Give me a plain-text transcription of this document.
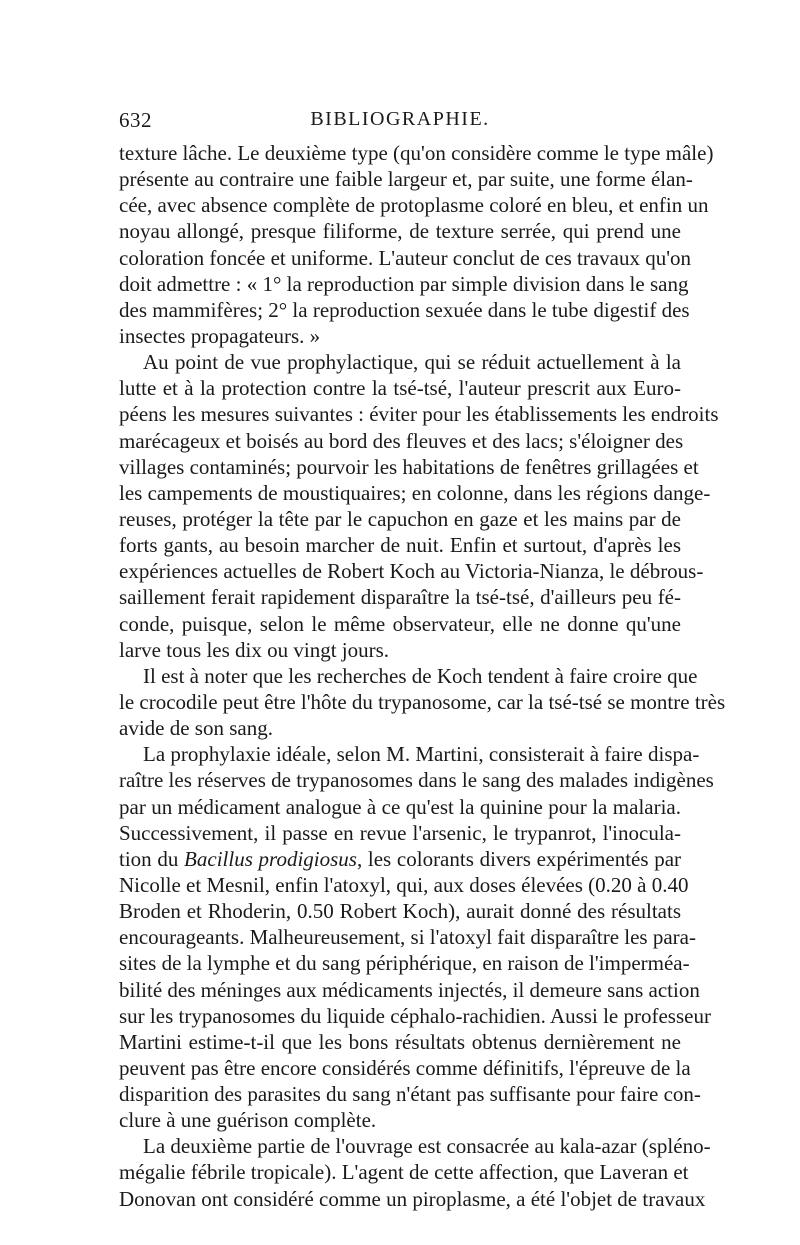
632	BIBLIOGRAPHIE.
texture lâche. Le deuxième type (qu'on considère comme le type mâle)
présente au contraire une faible largeur et, par suite, une forme élan-
cée, avec absence complète de protoplasme coloré en bleu, et enfin un
noyau allongé, presque filiforme, de texture serrée, qui prend une
coloration foncée et uniforme. L'auteur conclut de ces travaux qu'on
doit admettre : « 1° la reproduction par simple division dans le sang
des mammifères; 2° la reproduction sexuée dans le tube digestif des
insectes propagateurs. »
Au point de vue prophylactique, qui se réduit actuellement à la
lutte et à la protection contre la tsé-tsé, l'auteur prescrit aux Euro-
péens les mesures suivantes : éviter pour les établissements les endroits
marécageux et boisés au bord des fleuves et des lacs; s'éloigner des
villages contaminés; pourvoir les habitations de fenêtres grillagées et
les campements de moustiquaires; en colonne, dans les régions dange-
reuses, protéger la tête par le capuchon en gaze et les mains par de
forts gants, au besoin marcher de nuit. Enfin et surtout, d'après les
expériences actuelles de Robert Koch au Victoria-Nianza, le débrous-
saillement ferait rapidement disparaître la tsé-tsé, d'ailleurs peu fé-
conde, puisque, selon le même observateur, elle ne donne qu'une
larve tous les dix ou vingt jours.
Il est à noter que les recherches de Koch tendent à faire croire que
le crocodile peut être l'hôte du trypanosome, car la tsé-tsé se montre très
avide de son sang.
La prophylaxie idéale, selon M. Martini, consisterait à faire dispa-
raître les réserves de trypanosomes dans le sang des malades indigènes
par un médicament analogue à ce qu'est la quinine pour la malaria.
Successivement, il passe en revue l'arsenic, le trypanrot, l'inocula-
tion du Bacillus prodigiosus, les colorants divers expérimentés par
Nicolle et Mesnil, enfin l'atoxyl, qui, aux doses élevées (0.20 à 0.40
Broden et Rhoderin, 0.50 Robert Koch), aurait donné des résultats
encourageants. Malheureusement, si l'atoxyl fait disparaître les para-
sites de la lymphe et du sang périphérique, en raison de l'imperméa-
bilité des méninges aux médicaments injectés, il demeure sans action
sur les trypanosomes du liquide céphalo-rachidien. Aussi le professeur
Martini estime-t-il que les bons résultats obtenus dernièrement ne
peuvent pas être encore considérés comme définitifs, l'épreuve de la
disparition des parasites du sang n'étant pas suffisante pour faire con-
clure à une guérison complète.
La deuxième partie de l'ouvrage est consacrée au kala-azar (spléno-
mégalie fébrile tropicale). L'agent de cette affection, que Laveran et
Donovan ont considéré comme un piroplasme, a été l'objet de travaux
